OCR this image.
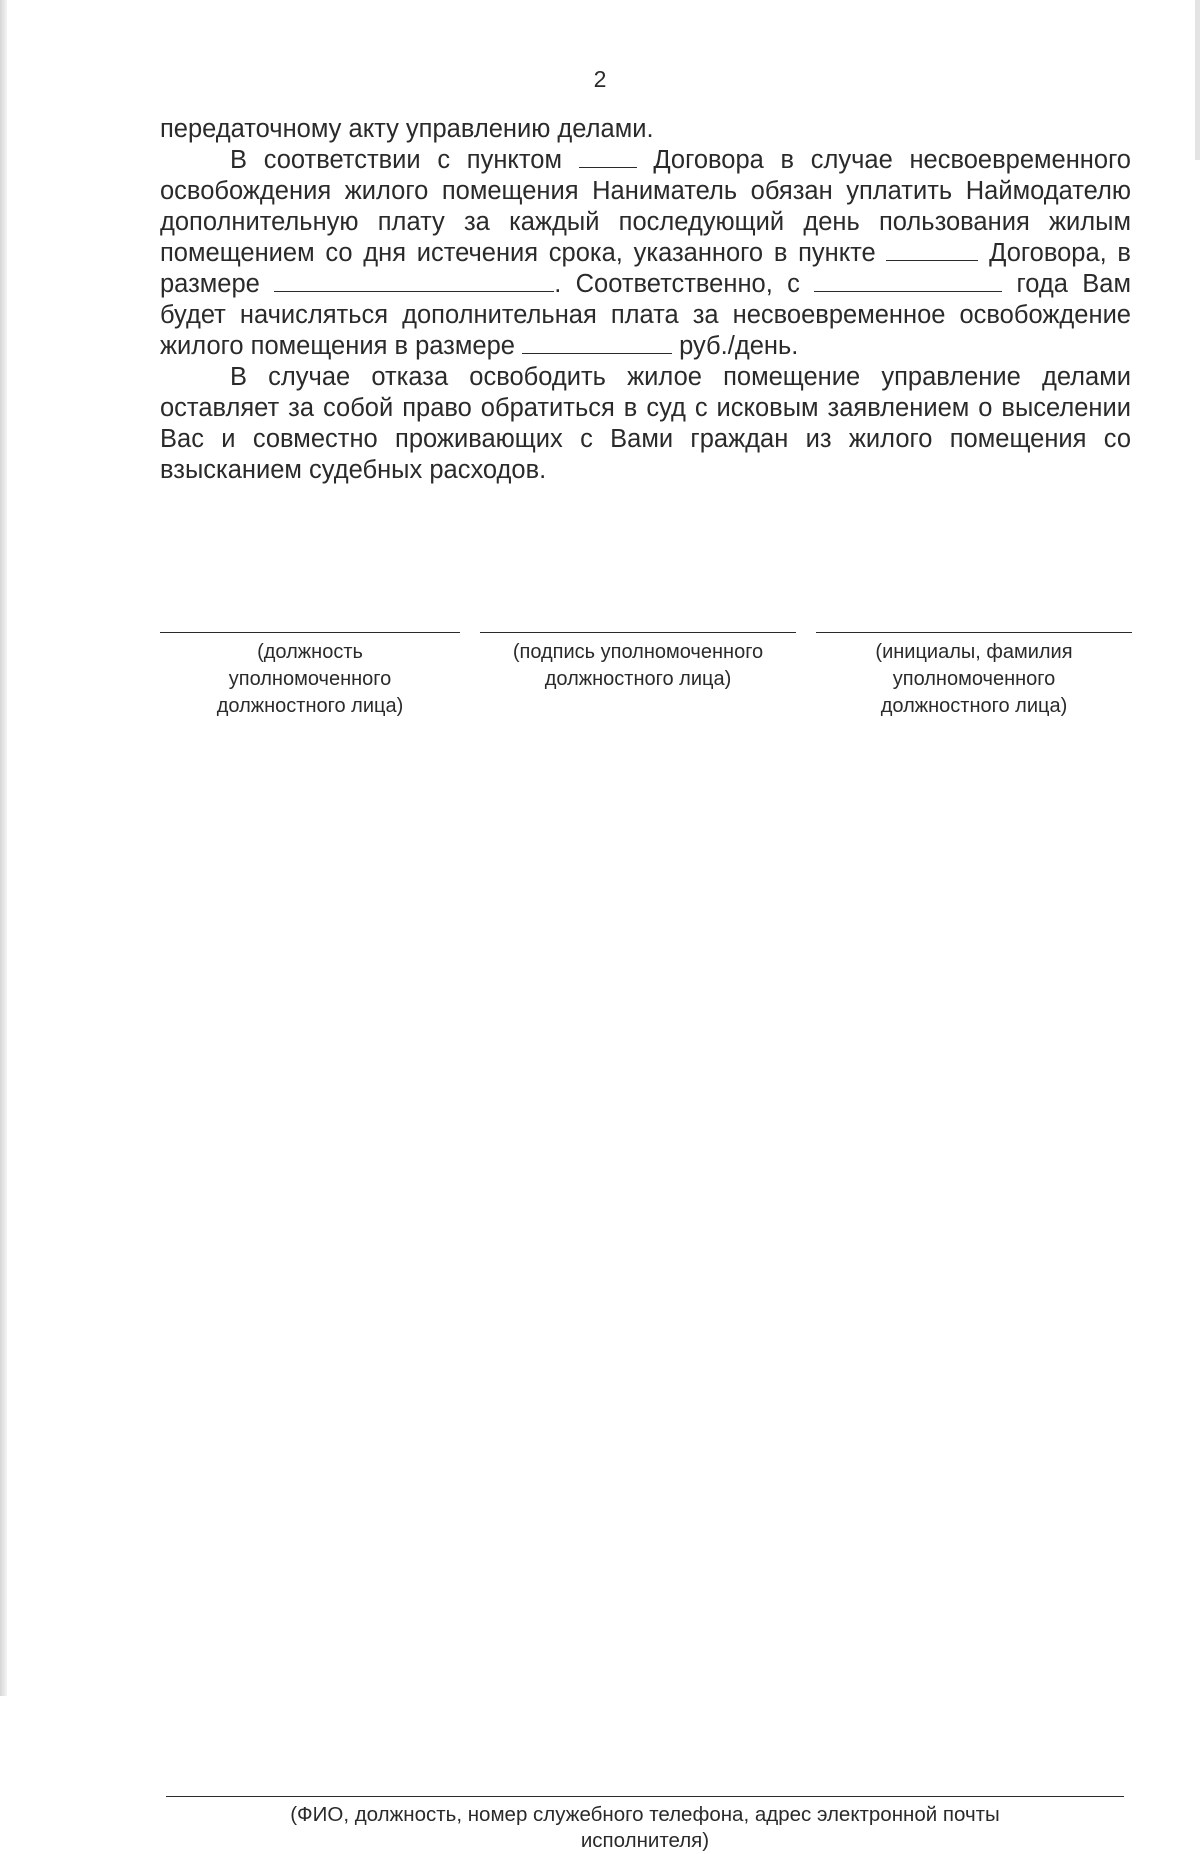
2

передаточному акту управлению делами.

В соответствии с пунктом  Договора в случае несвоевременного освобождения жилого помещения Наниматель обязан уплатить Наймодателю дополнительную плату за каждый последующий день пользования жилым помещением со дня истечения срока, указанного в пункте	Договора, в размере	. Соответственно, с	года Вам будет начисляться дополнительная плата за несвоевременное освобождение жилого помещения в размере	руб./день.

В случае отказа освободить жилое помещение управление делами оставляет за собой право обратиться в суд с исковым заявлением о выселении Вас и совместно проживающих с Вами граждан из жилого помещения со взысканием судебных расходов.

(должность
уполномоченного
должностного лица)
(подпись уполномоченного
должностного лица)
(инициалы, фамилия
уполномоченного
должностного лица)
(ФИО, должность, номер служебного телефона, адрес электронной почты
исполнителя)
